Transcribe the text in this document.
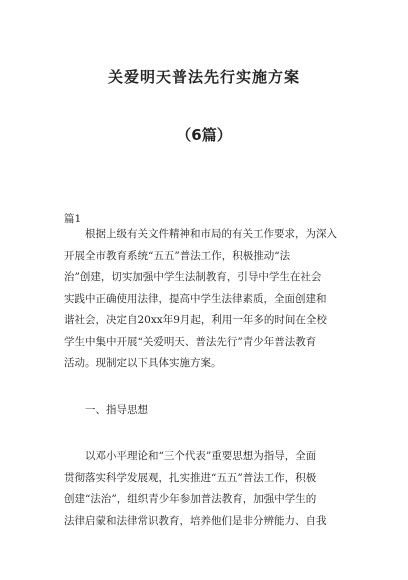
关爱明天普法先行实施方案
（6篇）
篇1
根据上级有关文件精神和市局的有关工作要求，为深入
开展全市教育系统“五五”普法工作，积极推动“法
治”创建，切实加强中学生法制教育，引导中学生在社会
实践中正确使用法律，提高中学生法律素质，全面创建和
谐社会，决定自20xx年9月起，利用一年多的时间在全校
学生中集中开展“关爱明天、普法先行”青少年普法教育
活动。现制定以下具体实施方案。
一、指导思想
以邓小平理论和“三个代表”重要思想为指导，全面
贯彻落实科学发展观，扎实推进“五五”普法工作，积极
创建“法治”，组织青少年参加普法教育，加强中学生的
法律启蒙和法律常识教育，培养他们是非分辨能力、自我
